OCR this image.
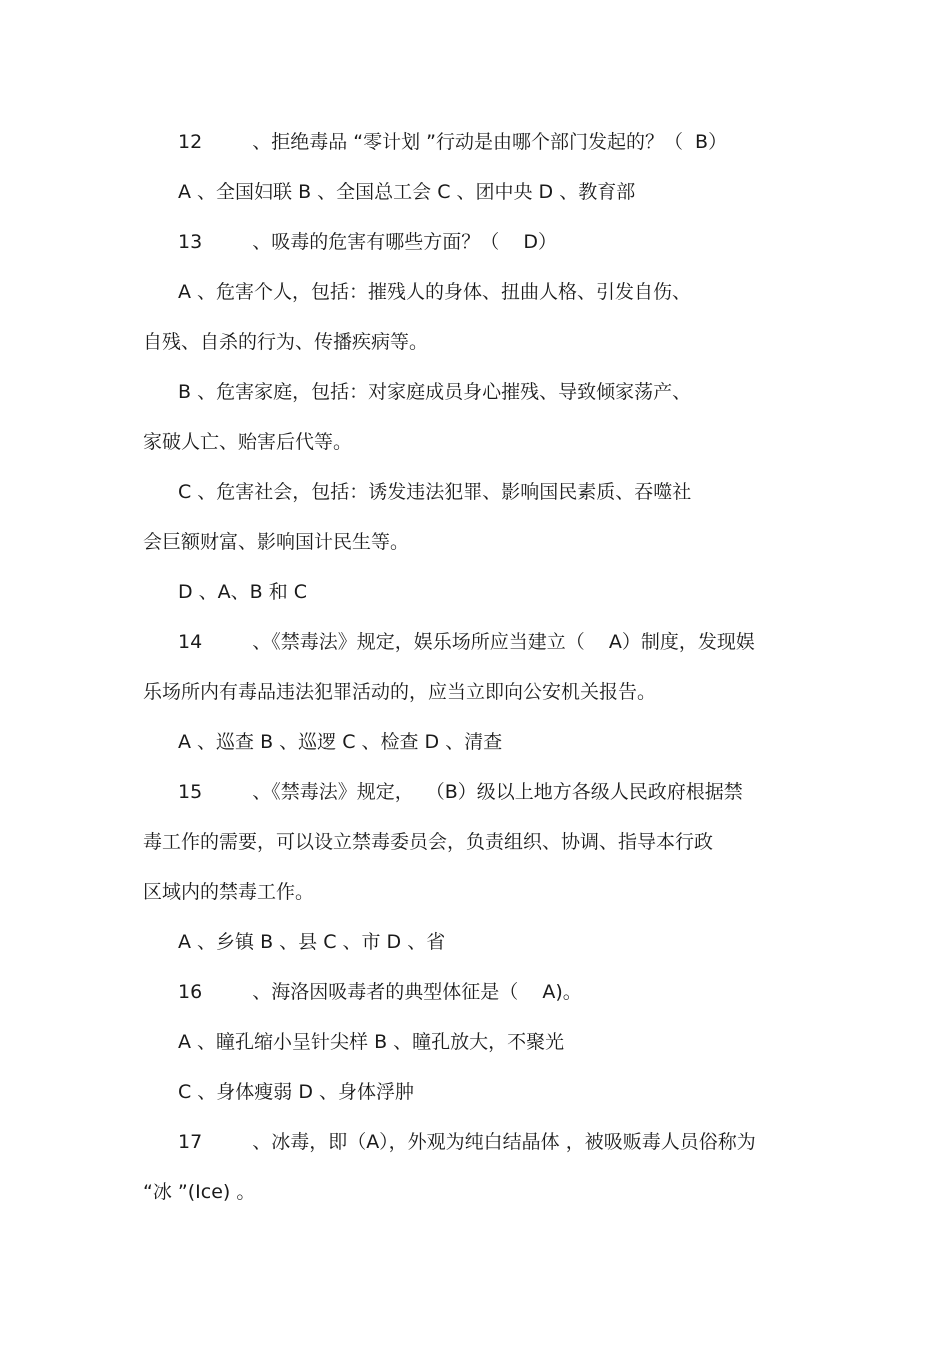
12	、拒绝毒品 “零计划 ”行动是由哪个部门发起的？（  B）
A 、全国妇联 B 、全国总工会 C 、团中央 D 、教育部
13	、吸毒的危害有哪些方面？（    D）
A 、危害个人，包括：摧残人的身体、扭曲人格、引发自伤、
自残、自杀的行为、传播疾病等。
B 、危害家庭，包括：对家庭成员身心摧残、导致倾家荡产、
家破人亡、贻害后代等。
C 、危害社会，包括：诱发违法犯罪、影响国民素质、吞噬社
会巨额财富、影响国计民生等。
D 、A、B 和 C
14	、《禁毒法》规定，娱乐场所应当建立（    A）制度，发现娱
乐场所内有毒品违法犯罪活动的，应当立即向公安机关报告。
A 、巡查 B 、巡逻 C 、检查 D 、清查
15	、《禁毒法》规定，  （B）级以上地方各级人民政府根据禁
毒工作的需要，可以设立禁毒委员会，负责组织、协调、指导本行政
区域内的禁毒工作。
A 、乡镇 B 、县 C 、市 D 、省
16	、海洛因吸毒者的典型体征是（    A)。
A 、瞳孔缩小呈针尖样 B 、瞳孔放大，不聚光
C 、身体瘦弱 D 、身体浮肿
17	、冰毒，即（A），外观为纯白结晶体 ，被吸贩毒人员俗称为
“冰 ”(Ice) 。
